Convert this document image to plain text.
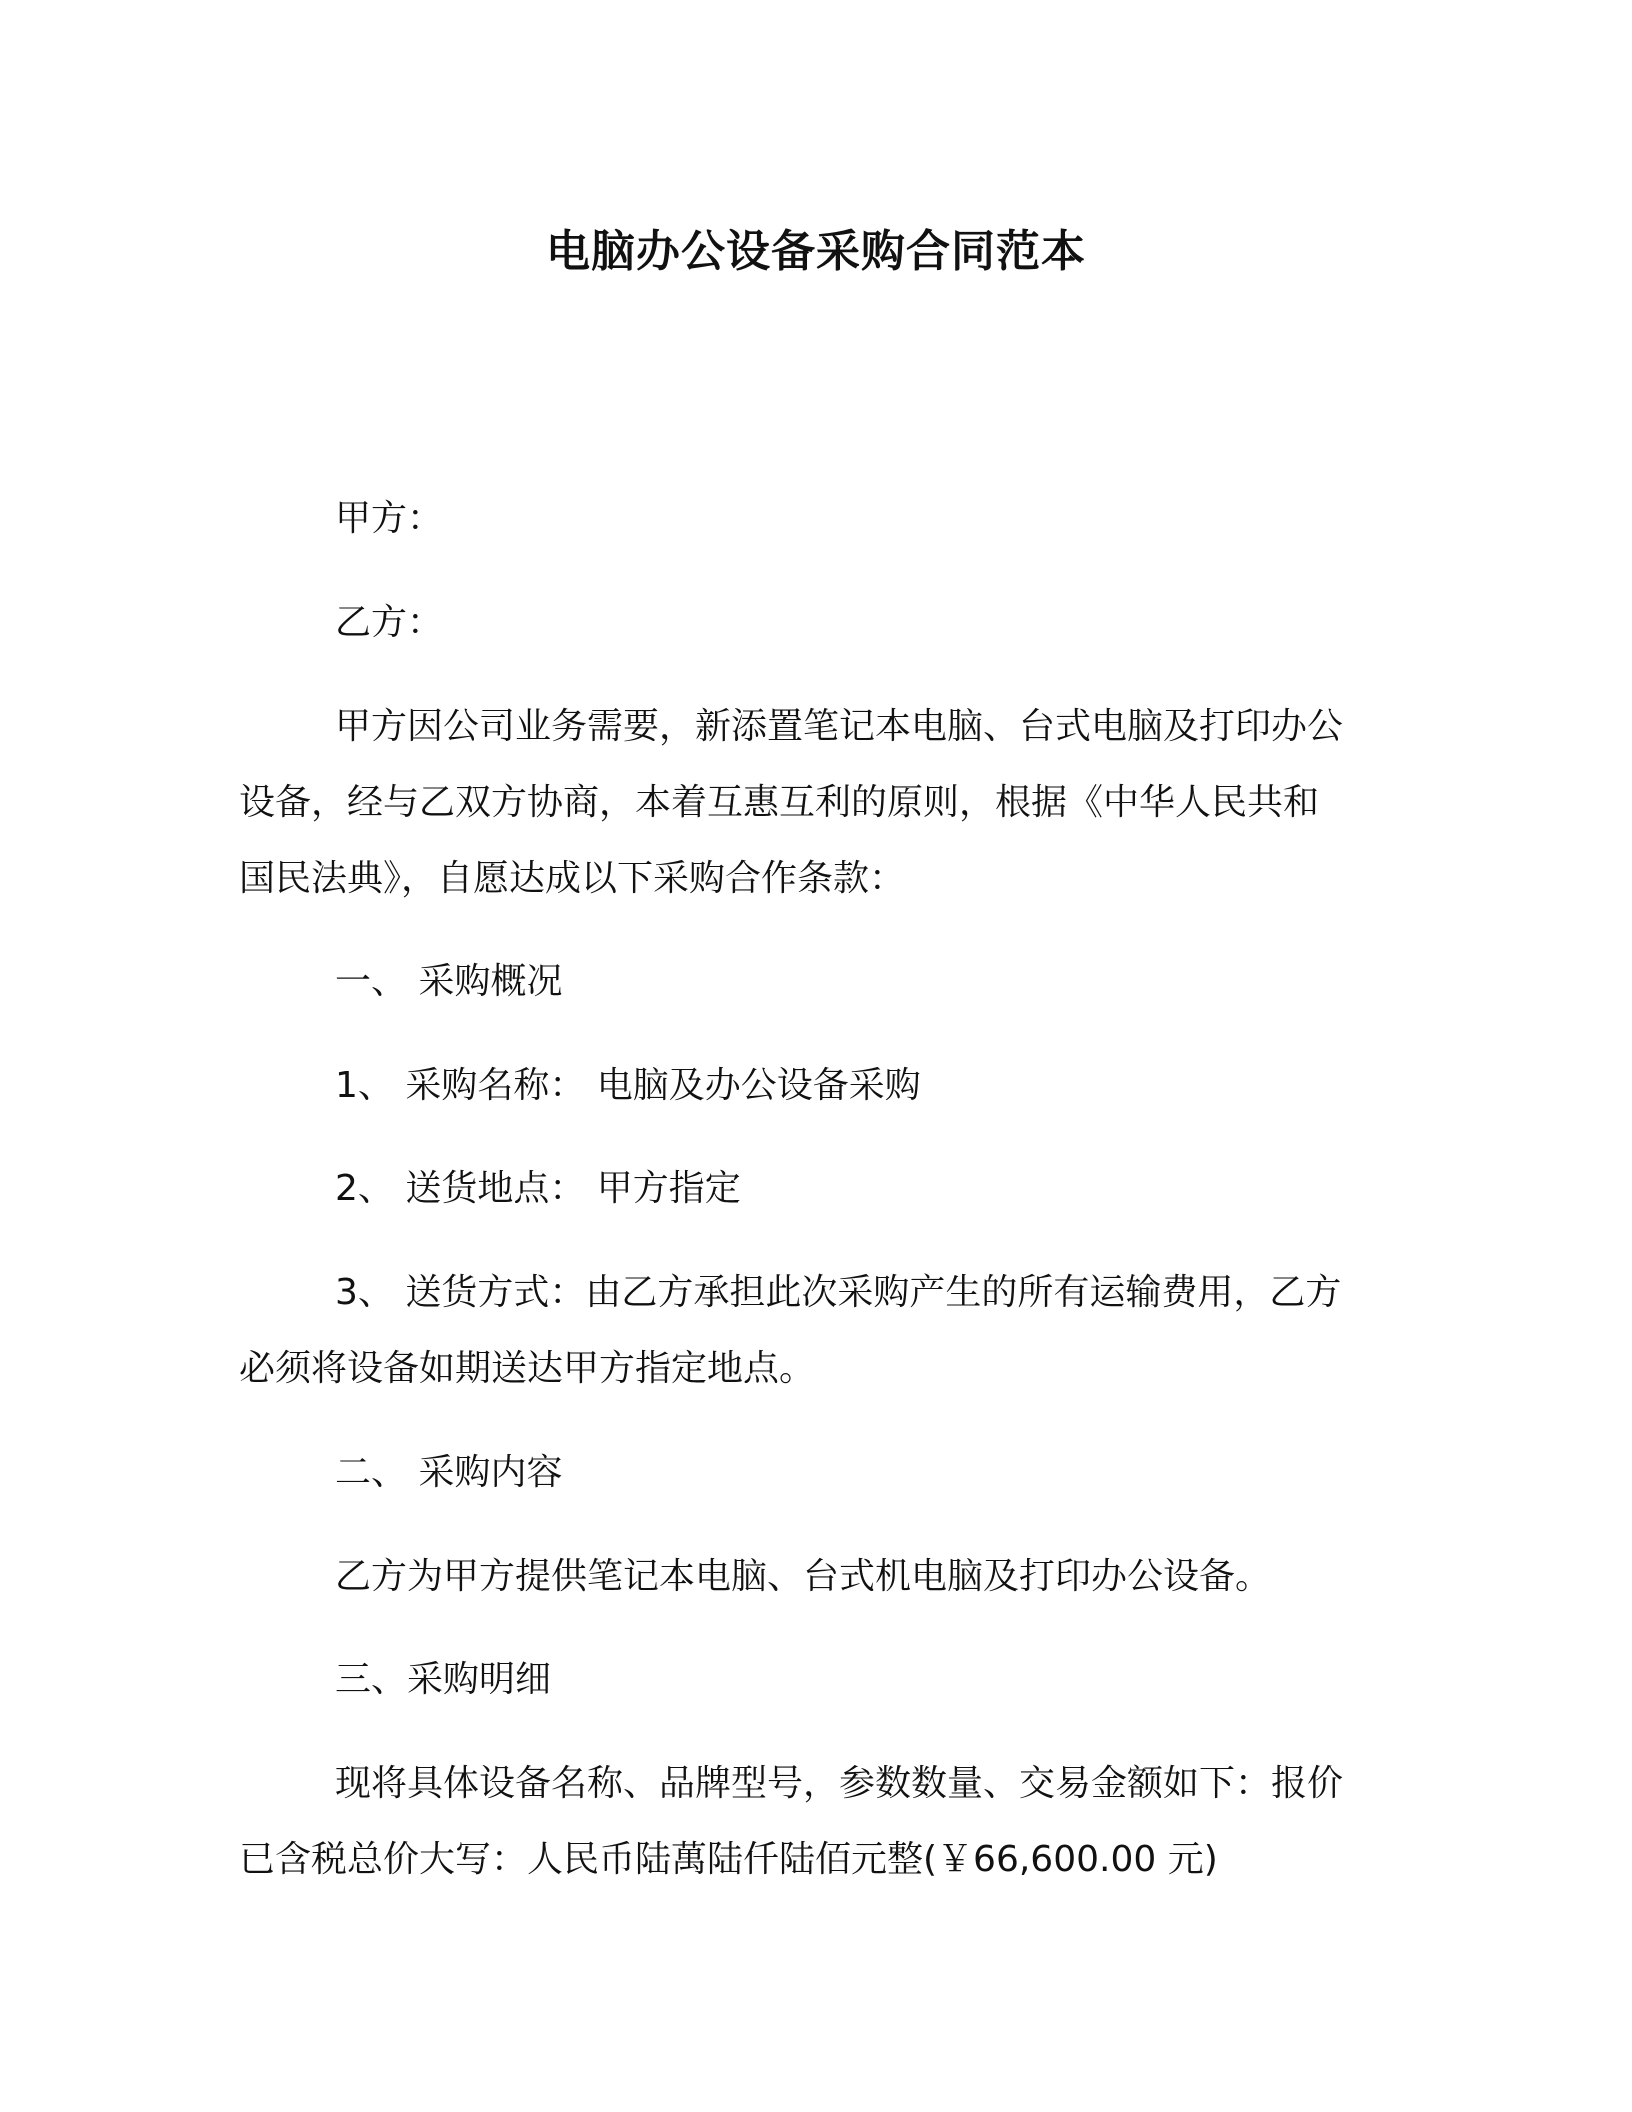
电脑办公设备采购合同范本
甲方：
乙方：
甲方因公司业务需要，新添置笔记本电脑、台式电脑及打印办公
设备，经与乙双方协商，本着互惠互利的原则，根据《中华人民共和
国民法典》，自愿达成以下采购合作条款：
一、 采购概况
1、 采购名称： 电脑及办公设备采购
2、 送货地点： 甲方指定
3、 送货方式：由乙方承担此次采购产生的所有运输费用，乙方
必须将设备如期送达甲方指定地点。
二、 采购内容
乙方为甲方提供笔记本电脑、台式机电脑及打印办公设备。
三、采购明细
现将具体设备名称、品牌型号，参数数量、交易金额如下：报价
已含税总价大写：人民币陆萬陆仟陆佰元整(￥66,600.00 元)
